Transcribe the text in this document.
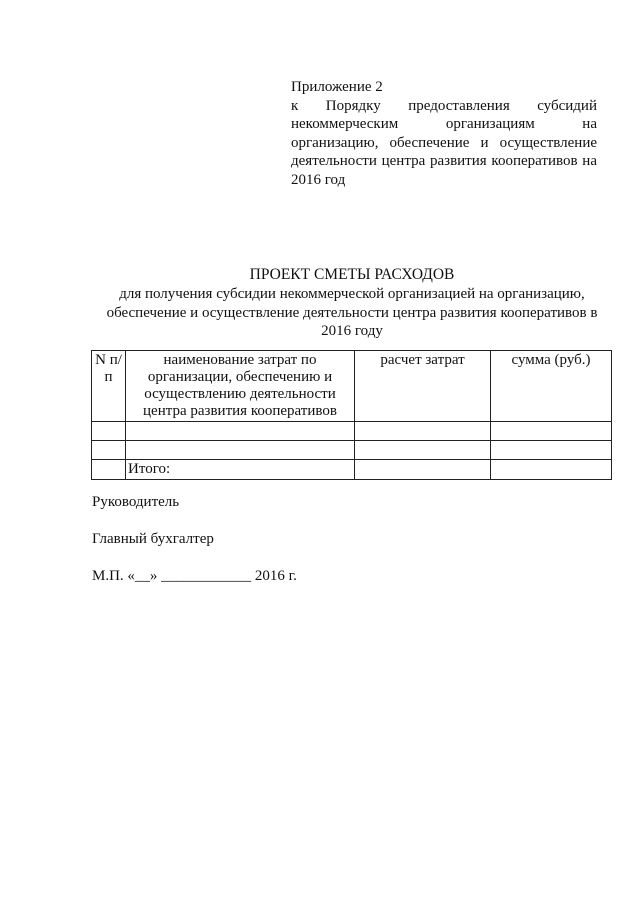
Приложение 2

к Порядку предоставления субсидий некоммерческим организациям на организацию, обеспечение и осуществление деятельности центра развития кооперативов на 2016 год

ПРОЕКТ СМЕТЫ РАСХОДОВ

для получения субсидии некоммерческой организацией на организацию, обеспечение и осуществление деятельности центра развития кооперативов в 2016 году

N п/п	наименование затрат по организации, обеспечению и осуществлению деятельности центра развития кооперативов	расчет затрат	сумма (руб.)

	Итого:		

Руководитель

Главный бухгалтер

М.П. «__» ____________ 2016 г.
